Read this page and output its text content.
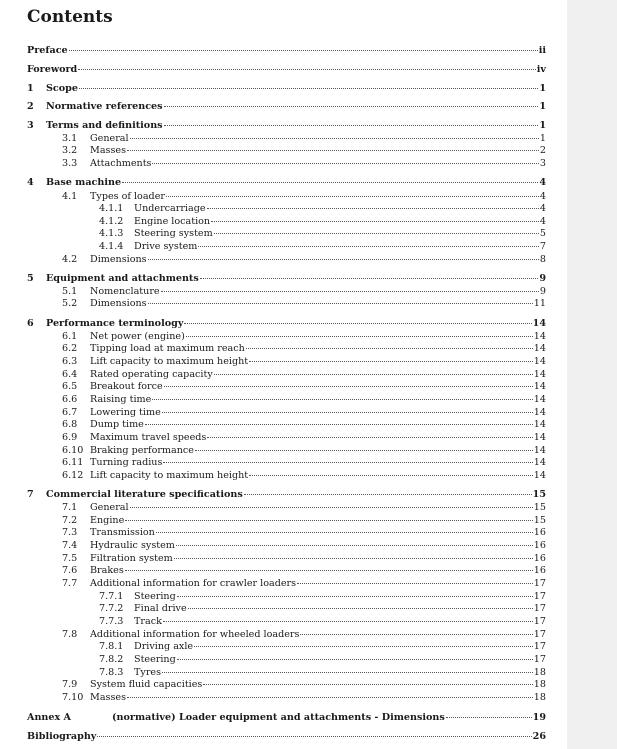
Contents
Preface	ii
Foreword	iv
1	Scope	1
2	Normative references	1
3	Terms and definitions	1
3.1	General	1
3.2	Masses	2
3.3	Attachments	3
4	Base machine	4
4.1	Types of loader	4
4.1.1	Undercarriage	4
4.1.2	Engine location	4
4.1.3	Steering system	5
4.1.4	Drive system	7
4.2	Dimensions	8
5	Equipment and attachments	9
5.1	Nomenclature	9
5.2	Dimensions	11
6	Performance terminology	14
6.1	Net power (engine)	14
6.2	Tipping load at maximum reach	14
6.3	Lift capacity to maximum height	14
6.4	Rated operating capacity	14
6.5	Breakout force	14
6.6	Raising time	14
6.7	Lowering time	14
6.8	Dump time	14
6.9	Maximum travel speeds	14
6.10 Braking performance	14
6.11 Turning radius	14
6.12 Lift capacity to maximum height	14
7	Commercial literature specifications	15
7.1	General	15
7.2	Engine	15
7.3	Transmission	16
7.4	Hydraulic system	16
7.5	Filtration system	16
7.6	Brakes	16
7.7	Additional information for crawler loaders	17
7.7.1	Steering	17
7.7.2	Final drive	17
7.7.3	Track	17
7.8	Additional information for wheeled loaders	17
7.8.1	Driving axle	17
7.8.2	Steering	17
7.8.3	Tyres	18
7.9	System fluid capacities	18
7.10 Masses	18
Annex A	(normative) Loader equipment and attachments - Dimensions	19
Bibliography	26
